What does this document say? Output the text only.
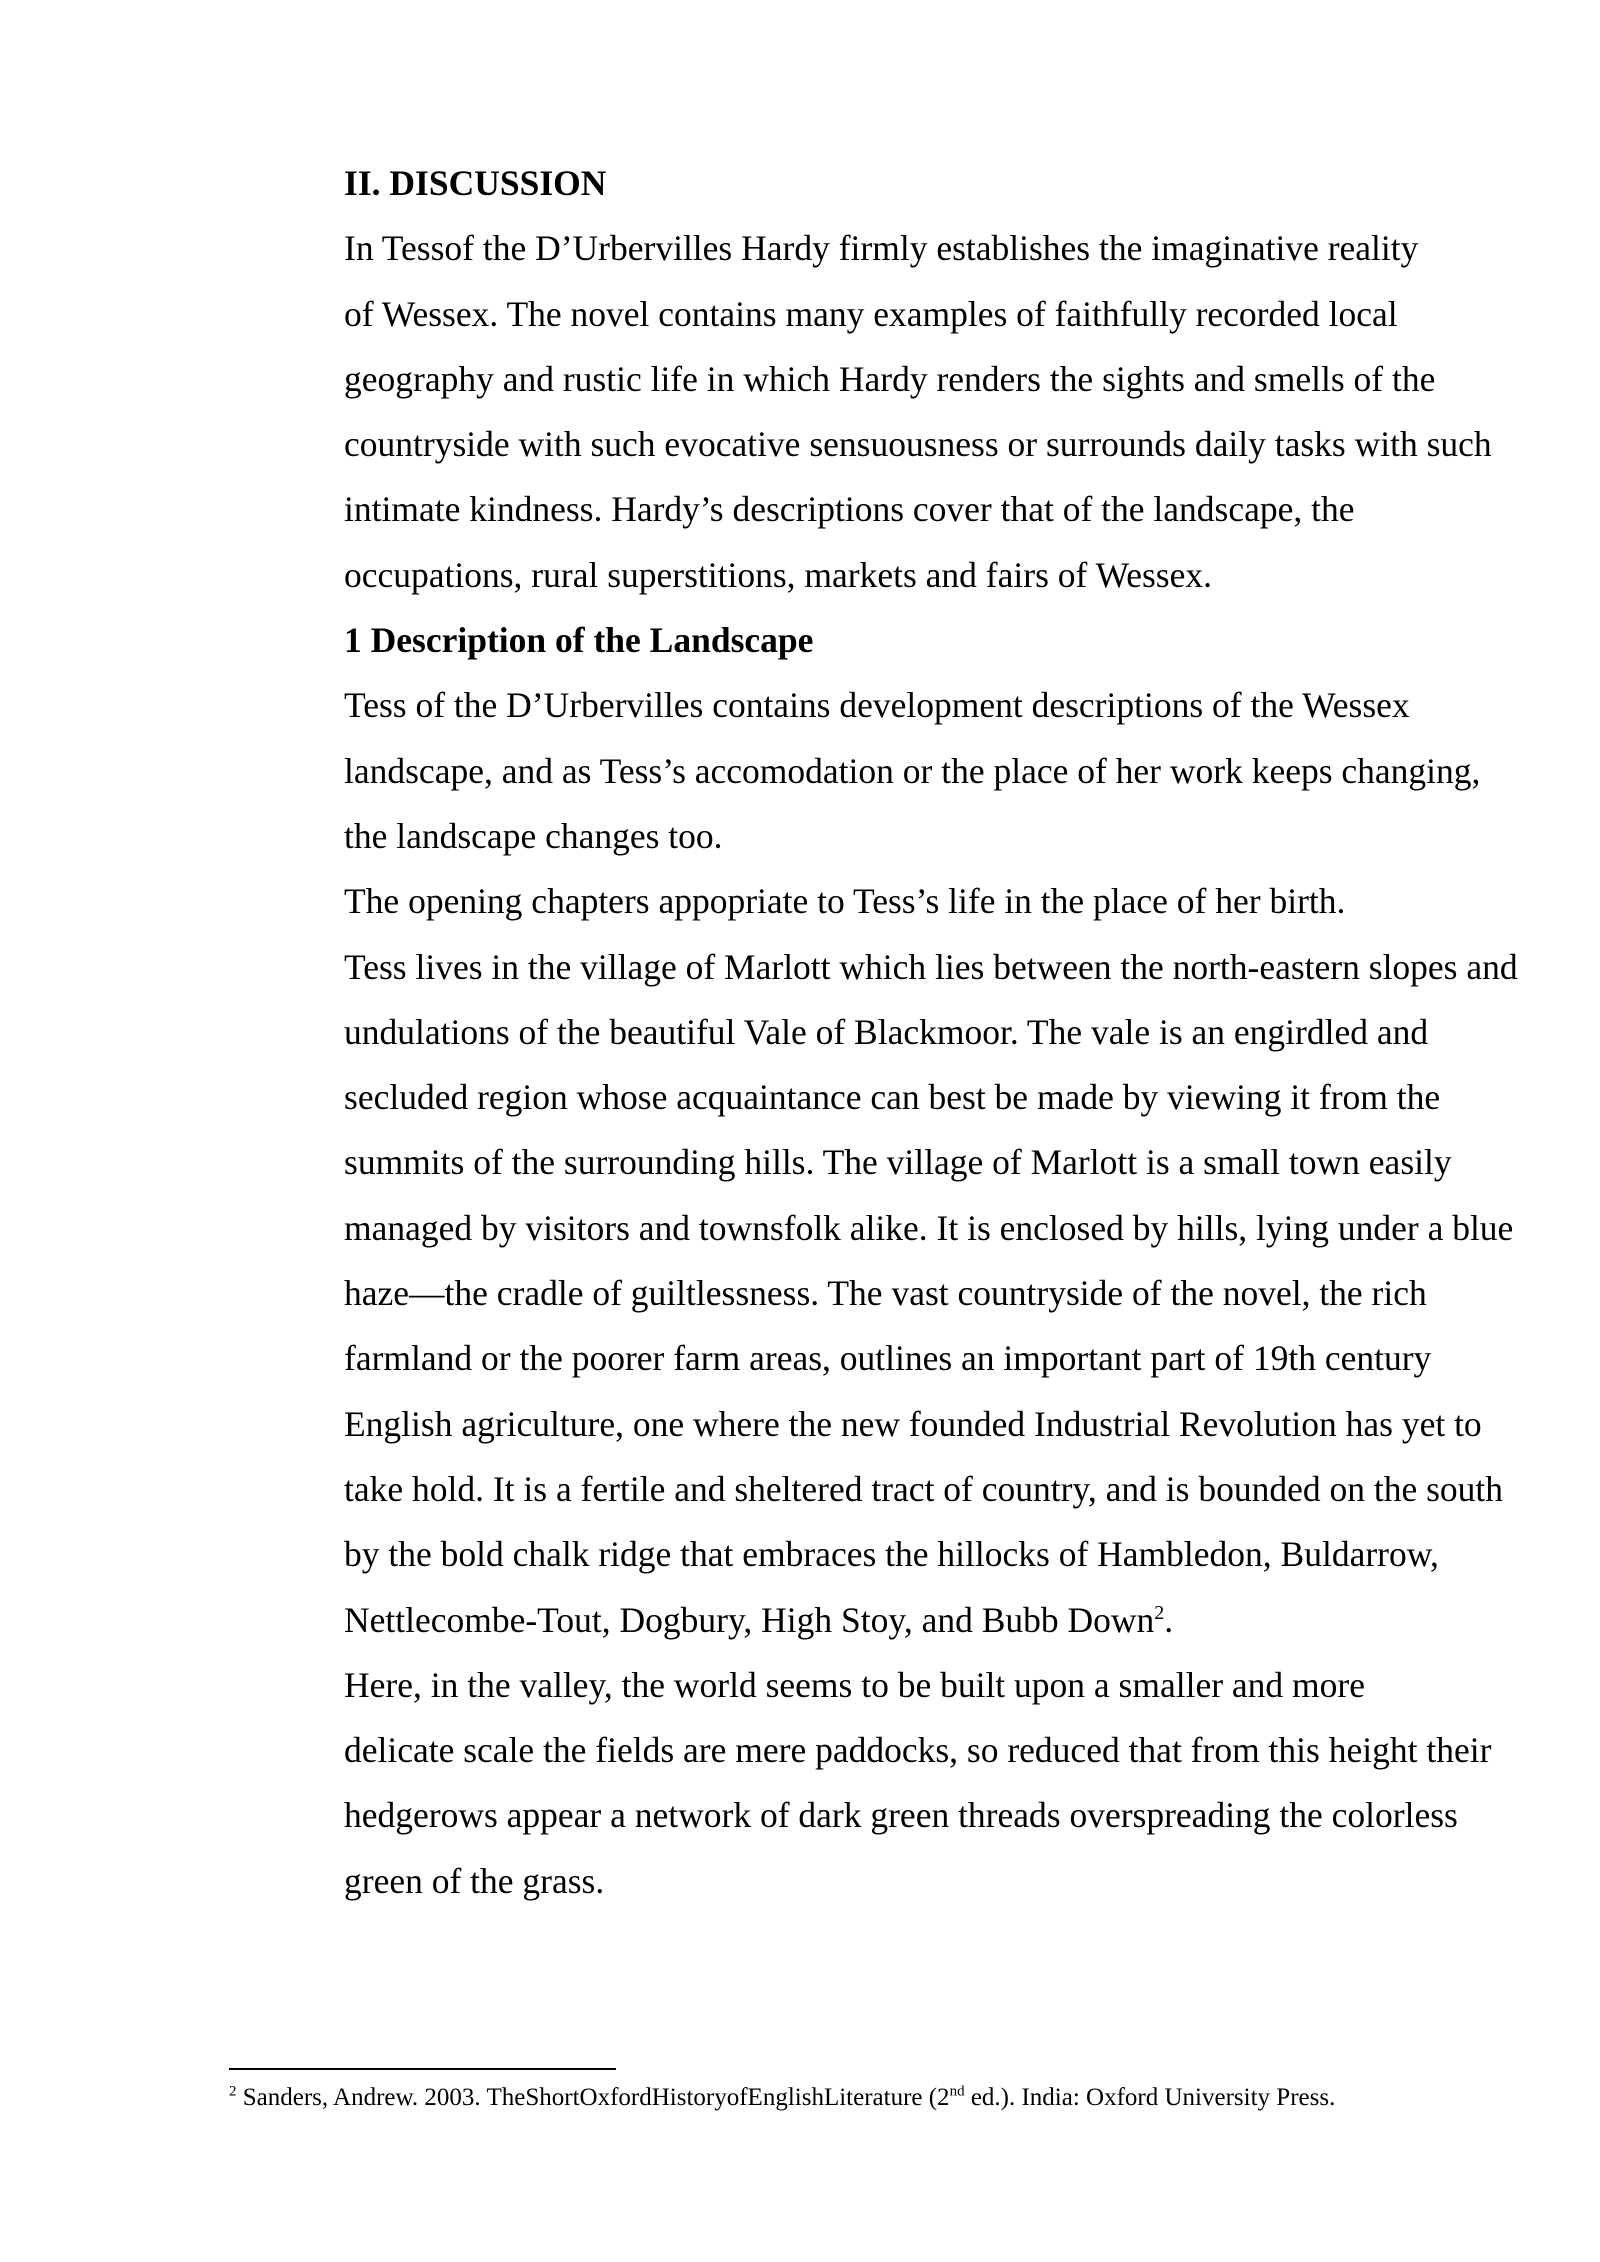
II. DISCUSSION

In Tessof the D’Urbervilles Hardy firmly establishes the imaginative reality
of Wessex. The novel contains many examples of faithfully recorded local
geography and rustic life in which Hardy renders the sights and smells of the
countryside with such evocative sensuousness or surrounds daily tasks with such
intimate kindness. Hardy’s descriptions cover that of the landscape, the
occupations, rural superstitions, markets and fairs of Wessex.

1 Description of the Landscape

Tess of the D’Urbervilles contains development descriptions of the Wessex
landscape, and as Tess’s accomodation or the place of her work keeps changing,
the landscape changes too.

The opening chapters appopriate to Tess’s life in the place of her birth.
Tess lives in the village of Marlott which lies between the north-eastern slopes and
undulations of the beautiful Vale of Blackmoor. The vale is an engirdled and
secluded region whose acquaintance can best be made by viewing it from the
summits of the surrounding hills. The village of Marlott is a small town easily
managed by visitors and townsfolk alike. It is enclosed by hills, lying under a blue
haze—the cradle of guiltlessness. The vast countryside of the novel, the rich
farmland or the poorer farm areas, outlines an important part of 19th century
English agriculture, one where the new founded Industrial Revolution has yet to
take hold. It is a fertile and sheltered tract of country, and is bounded on the south
by the bold chalk ridge that embraces the hillocks of Hambledon, Buldarrow,
Nettlecombe-Tout, Dogbury, High Stoy, and Bubb Down$^2$.

Here, in the valley, the world seems to be built upon a smaller and more
delicate scale the fields are mere paddocks, so reduced that from this height their
hedgerows appear a network of dark green threads overspreading the colorless
green of the grass.

$^2$ Sanders, Andrew. 2003. TheShortOxfordHistoryofEnglishLiterature (2nd ed.). India: Oxford University Press.
